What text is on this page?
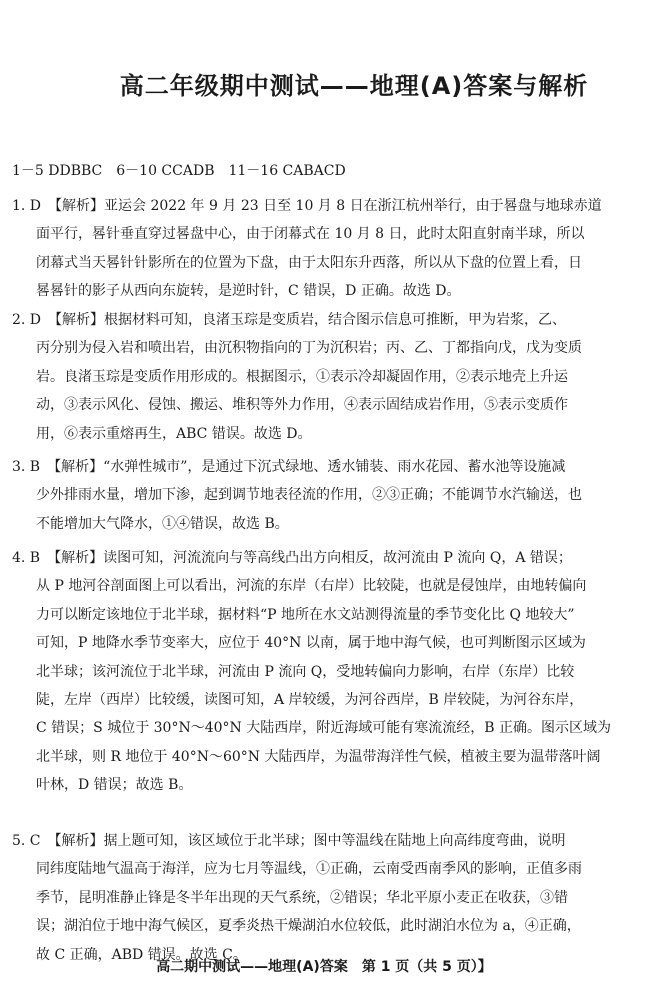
高二年级期中测试——地理(A)答案与解析
1－5 DDBBC　6－10 CCADB　11－16 CABACD
1. D　【解析】亚运会 2022 年 9 月 23 日至 10 月 8 日在浙江杭州举行，由于晷盘与地球赤道
面平行，晷针垂直穿过晷盘中心，由于闭幕式在 10 月 8 日，此时太阳直射南半球，所以
闭幕式当天晷针针影所在的位置为下盘，由于太阳东升西落，所以从下盘的位置上看，日
晷晷针的影子从西向东旋转，是逆时针，C 错误，D 正确。故选 D。
2. D　【解析】根据材料可知，良渚玉琮是变质岩，结合图示信息可推断，甲为岩浆，乙、
丙分别为侵入岩和喷出岩，由沉积物指向的丁为沉积岩；丙、乙、丁都指向戊，戊为变质
岩。良渚玉琮是变质作用形成的。根据图示，①表示冷却凝固作用，②表示地壳上升运
动，③表示风化、侵蚀、搬运、堆积等外力作用，④表示固结成岩作用，⑤表示变质作
用，⑥表示重熔再生，ABC 错误。故选 D。
3. B　【解析】“水弹性城市”，是通过下沉式绿地、透水铺装、雨水花园、蓄水池等设施减
少外排雨水量，增加下渗，起到调节地表径流的作用，②③正确；不能调节水汽输送，也
不能增加大气降水，①④错误，故选 B。
4. B　【解析】读图可知，河流流向与等高线凸出方向相反，故河流由 P 流向 Q，A 错误；
从 P 地河谷剖面图上可以看出，河流的东岸（右岸）比较陡，也就是侵蚀岸，由地转偏向
力可以断定该地位于北半球，据材料“P 地所在水文站测得流量的季节变化比 Q 地较大”
可知，P 地降水季节变率大，应位于 40°N 以南，属于地中海气候，也可判断图示区域为
北半球；该河流位于北半球，河流由 P 流向 Q，受地转偏向力影响，右岸（东岸）比较
陡，左岸（西岸）比较缓，读图可知，A 岸较缓，为河谷西岸，B 岸较陡，为河谷东岸，
C 错误；S 城位于 30°N～40°N 大陆西岸，附近海域可能有寒流流经，B 正确。图示区域为
北半球，则 R 地位于 40°N～60°N 大陆西岸，为温带海洋性气候，植被主要为温带落叶阔
叶林，D 错误；故选 B。
5. C　【解析】据上题可知，该区域位于北半球；图中等温线在陆地上向高纬度弯曲，说明
同纬度陆地气温高于海洋，应为七月等温线，①正确，云南受西南季风的影响，正值多雨
季节，昆明准静止锋是冬半年出现的天气系统，②错误；华北平原小麦正在收获，③错
误；湖泊位于地中海气候区，夏季炎热干燥湖泊水位较低，此时湖泊水位为 a，④正确，
故 C 正确，ABD 错误。故选 C。
高二期中测试——地理(A)答案　第 1 页（共 5 页）】
